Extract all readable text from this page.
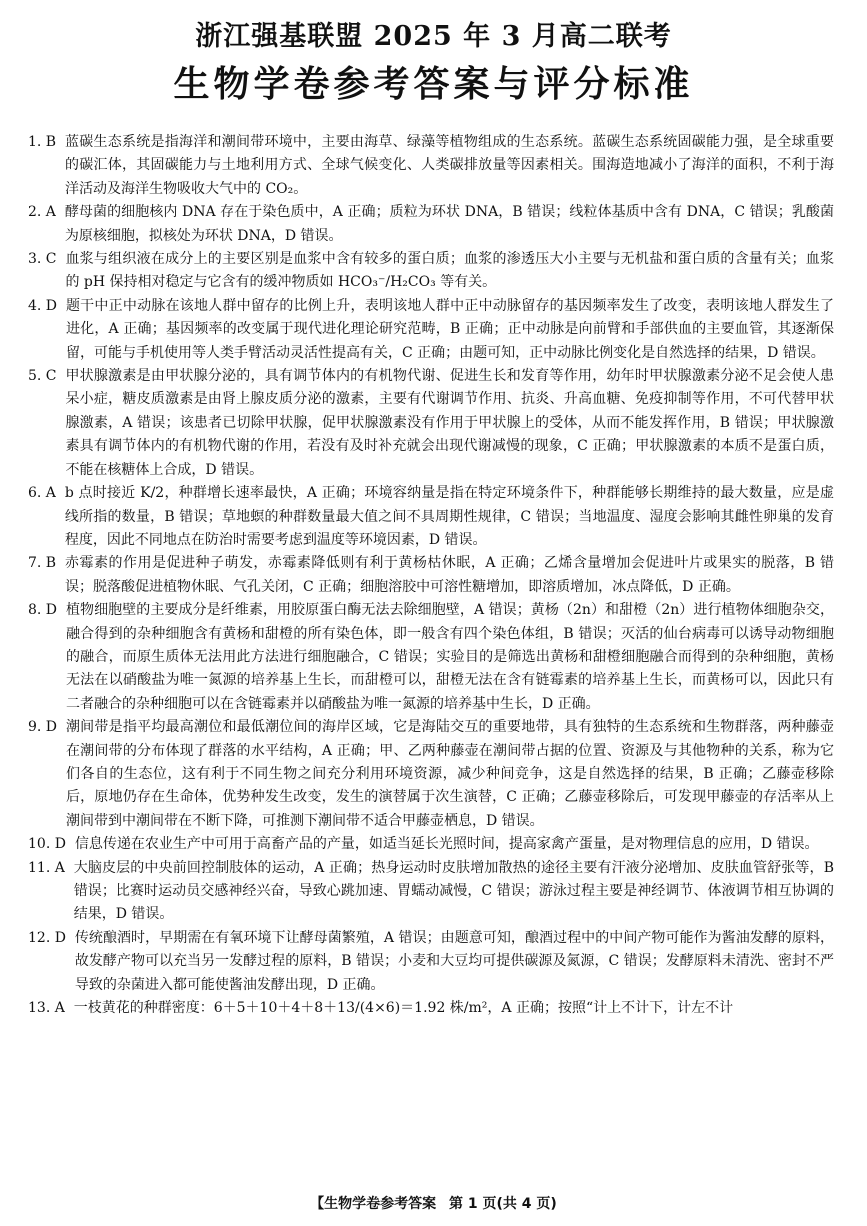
浙江强基联盟 2025 年 3 月高二联考
生物学卷参考答案与评分标准
1. B
蓝碳生态系统是指海洋和潮间带环境中，主要由海草、绿藻等植物组成的生态系统。蓝碳生态系统固碳能力强，是全球重要的碳汇体，其固碳能力与土地利用方式、全球气候变化、人类碳排放量等因素相关。围海造地减小了海洋的面积，不利于海洋活动及海洋生物吸收大气中的 CO₂。
2. A
酵母菌的细胞核内 DNA 存在于染色质中，A 正确；质粒为环状 DNA，B 错误；线粒体基质中含有 DNA，C 错误；乳酸菌为原核细胞，拟核处为环状 DNA，D 错误。
3. C
血浆与组织液在成分上的主要区别是血浆中含有较多的蛋白质；血浆的渗透压大小主要与无机盐和蛋白质的含量有关；血浆的 pH 保持相对稳定与它含有的缓冲物质如 HCO₃⁻/H₂CO₃ 等有关。
4. D
题干中正中动脉在该地人群中留存的比例上升，表明该地人群中正中动脉留存的基因频率发生了改变，表明该地人群发生了进化，A 正确；基因频率的改变属于现代进化理论研究范畴，B 正确；正中动脉是向前臂和手部供血的主要血管，其逐渐保留，可能与手机使用等人类手臂活动灵活性提高有关，C 正确；由题可知，正中动脉比例变化是自然选择的结果，D 错误。
5. C
甲状腺激素是由甲状腺分泌的，具有调节体内的有机物代谢、促进生长和发育等作用，幼年时甲状腺激素分泌不足会使人患呆小症，糖皮质激素是由肾上腺皮质分泌的激素，主要有代谢调节作用、抗炎、升高血糖、免疫抑制等作用，不可代替甲状腺激素，A 错误；该患者已切除甲状腺，促甲状腺激素没有作用于甲状腺上的受体，从而不能发挥作用，B 错误；甲状腺激素具有调节体内的有机物代谢的作用，若没有及时补充就会出现代谢减慢的现象，C 正确；甲状腺激素的本质不是蛋白质，不能在核糖体上合成，D 错误。
6. A
b 点时接近 K/2，种群增长速率最快，A 正确；环境容纳量是指在特定环境条件下，种群能够长期维持的最大数量，应是虚线所指的数量，B 错误；草地螟的种群数量最大值之间不具周期性规律，C 错误；当地温度、湿度会影响其雌性卵巢的发育程度，因此不同地点在防治时需要考虑到温度等环境因素，D 错误。
7. B
赤霉素的作用是促进种子萌发，赤霉素降低则有利于黄杨枯休眠，A 正确；乙烯含量增加会促进叶片或果实的脱落，B 错误；脱落酸促进植物休眠、气孔关闭，C 正确；细胞溶胶中可溶性糖增加，即溶质增加，冰点降低，D 正确。
8. D
植物细胞壁的主要成分是纤维素，用胶原蛋白酶无法去除细胞壁，A 错误；黄杨（2n）和甜橙（2n）进行植物体细胞杂交，融合得到的杂种细胞含有黄杨和甜橙的所有染色体，即一般含有四个染色体组，B 错误；灭活的仙台病毒可以诱导动物细胞的融合，而原生质体无法用此方法进行细胞融合，C 错误；实验目的是筛选出黄杨和甜橙细胞融合而得到的杂种细胞，黄杨无法在以硝酸盐为唯一氮源的培养基上生长，而甜橙可以，甜橙无法在含有链霉素的培养基上生长，而黄杨可以，因此只有二者融合的杂种细胞可以在含链霉素并以硝酸盐为唯一氮源的培养基中生长，D 正确。
9. D
潮间带是指平均最高潮位和最低潮位间的海岸区域，它是海陆交互的重要地带，具有独特的生态系统和生物群落，两种藤壶在潮间带的分布体现了群落的水平结构，A 正确；甲、乙两种藤壶在潮间带占据的位置、资源及与其他物种的关系，称为它们各自的生态位，这有利于不同生物之间充分利用环境资源，减少种间竞争，这是自然选择的结果，B 正确；乙藤壶移除后，原地仍存在生命体，优势种发生改变，发生的演替属于次生演替，C 正确；乙藤壶移除后，可发现甲藤壶的存活率从上潮间带到中潮间带在不断下降，可推测下潮间带不适合甲藤壶栖息，D 错误。
10. D
信息传递在农业生产中可用于高畜产品的产量，如适当延长光照时间，提高家禽产蛋量，是对物理信息的应用，D 错误。
11. A
大脑皮层的中央前回控制肢体的运动，A 正确；热身运动时皮肤增加散热的途径主要有汗液分泌增加、皮肤血管舒张等，B 错误；比赛时运动员交感神经兴奋，导致心跳加速、胃蠕动减慢，C 错误；游泳过程主要是神经调节、体液调节相互协调的结果，D 错误。
12. D
传统酿酒时，早期需在有氧环境下让酵母菌繁殖，A 错误；由题意可知，酿酒过程中的中间产物可能作为酱油发酵的原料，故发酵产物可以充当另一发酵过程的原料，B 错误；小麦和大豆均可提供碳源及氮源，C 错误；发酵原料未清洗、密封不严导致的杂菌进入都可能使酱油发酵出现，D 正确。
13. A
一枝黄花的种群密度：6＋5＋10＋4＋8＋13/(4×6)＝1.92 株/m²，A 正确；按照“计上不计下，计左不计
【生物学卷参考答案 第 1 页(共 4 页)
